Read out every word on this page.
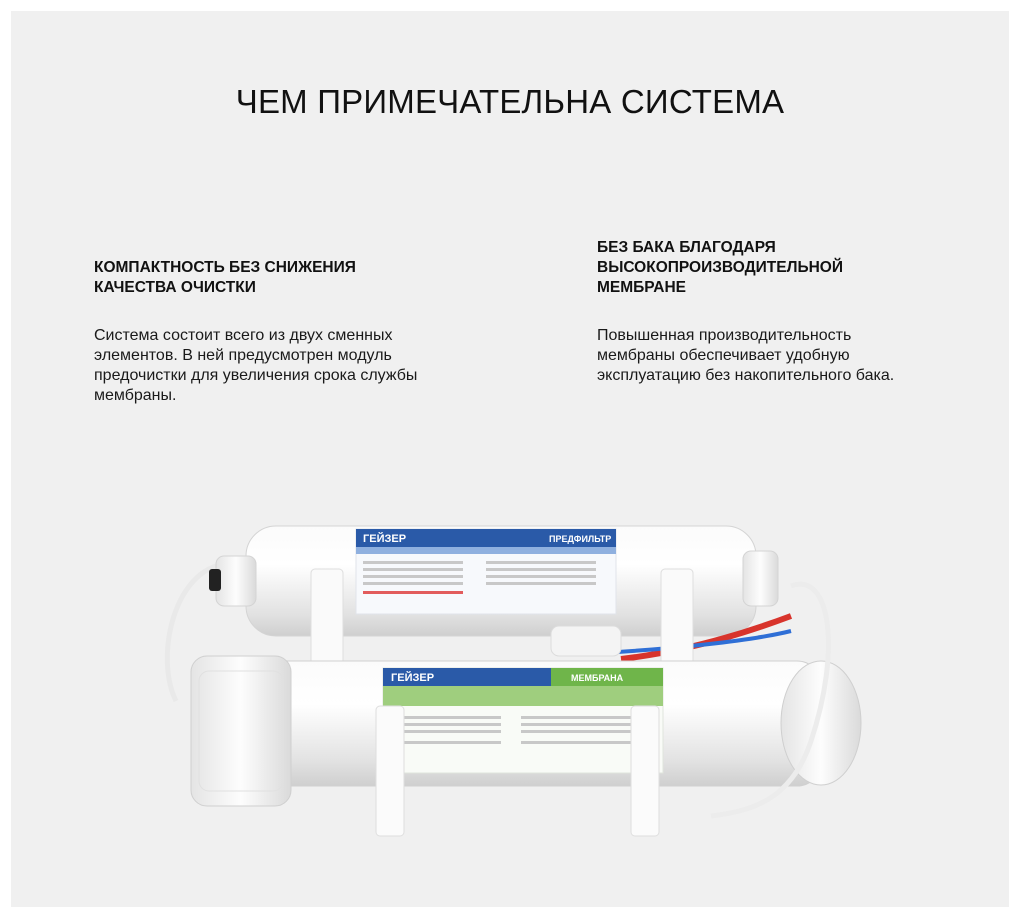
ЧЕМ ПРИМЕЧАТЕЛЬНА СИСТЕМА
КОМПАКТНОСТЬ БЕЗ СНИЖЕНИЯ
КАЧЕСТВА ОЧИСТКИ

Система состоит всего из двух сменных элементов. В ней предусмотрен модуль предочистки для увеличения срока службы мембраны.

БЕЗ БАКА БЛАГОДАРЯ
ВЫСОКОПРОИЗВОДИТЕЛЬНОЙ
МЕМБРАНЕ

Повышенная производительность мембраны обеспечивает удобную эксплуатацию без накопительного бака.

ГЕЙЗЕР	ПРЕДФИЛЬТР
ГЕЙЗЕР	МЕМБРАНА
